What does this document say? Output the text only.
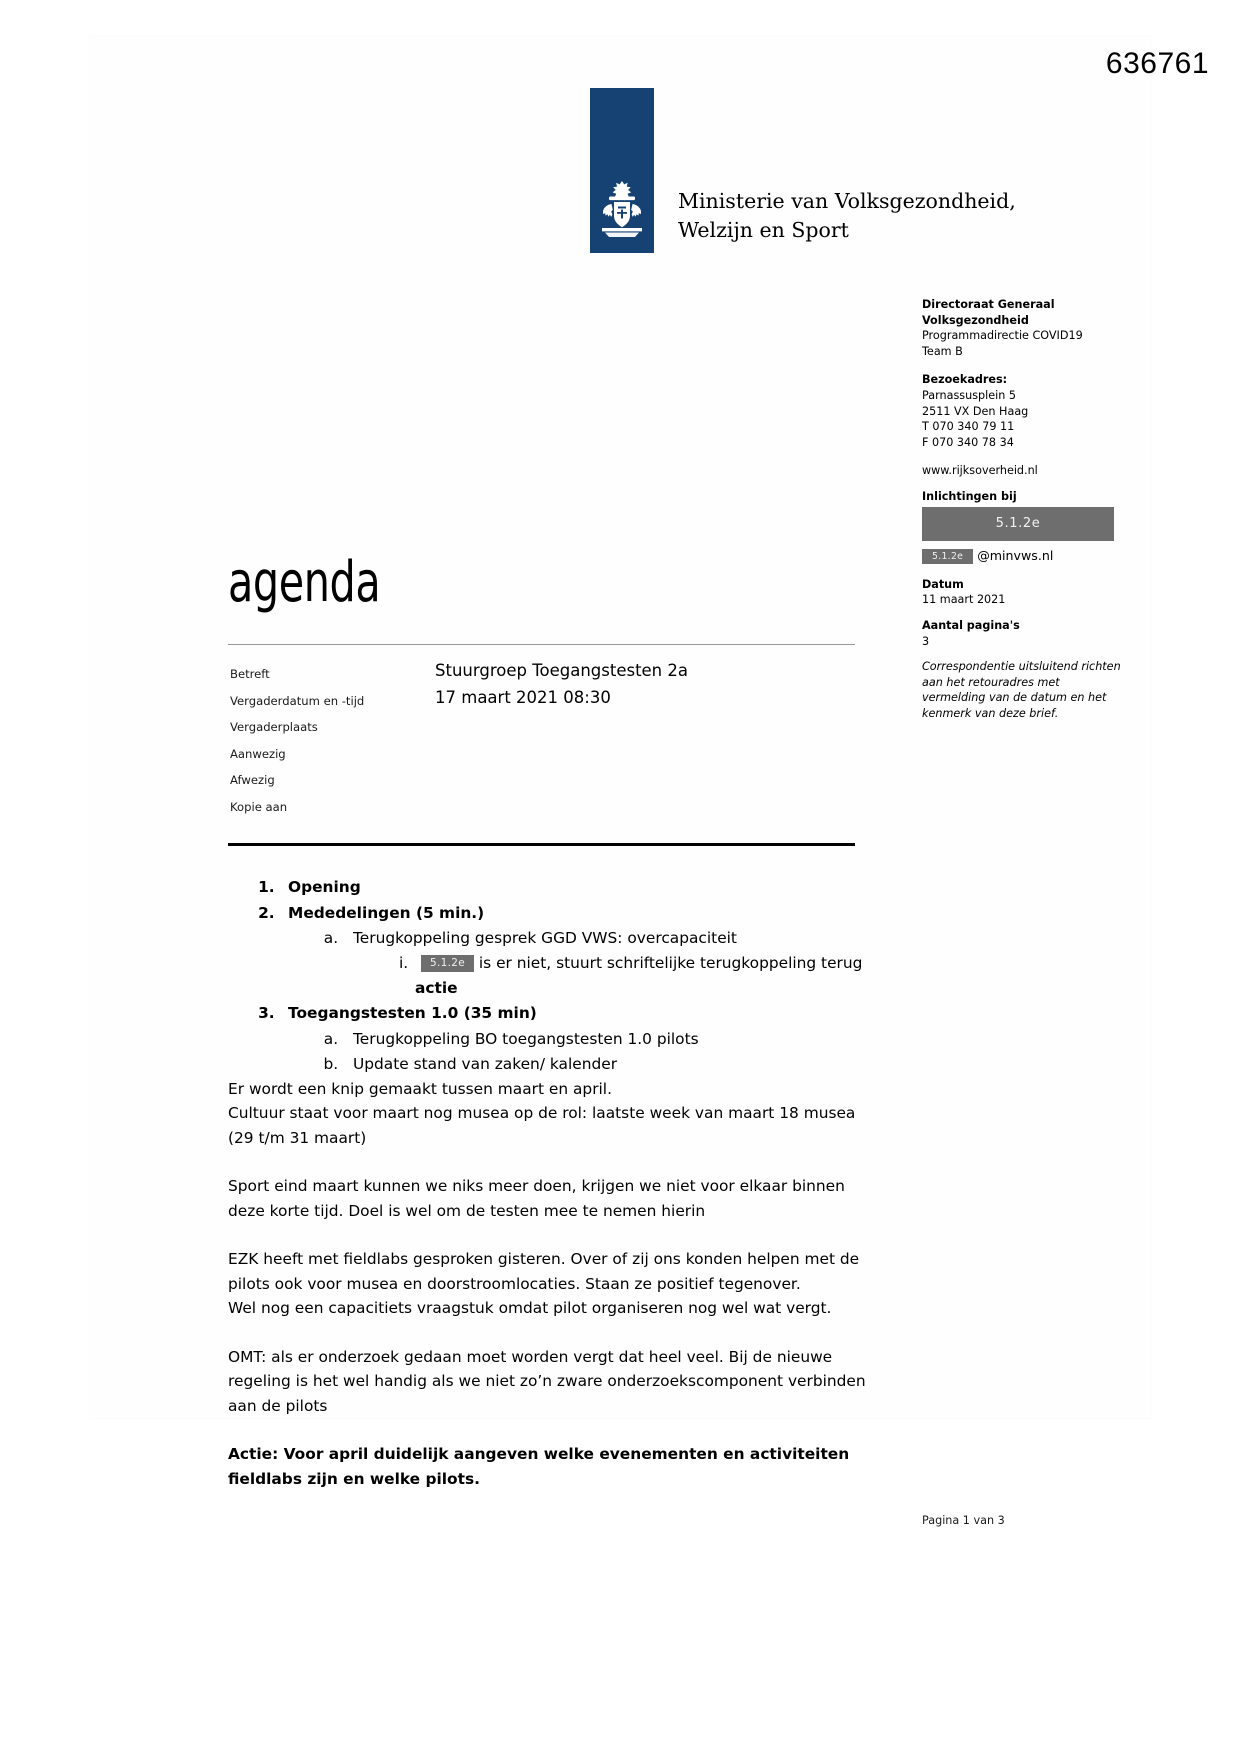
636761
Ministerie van Volksgezondheid,
Welzijn en Sport
Directoraat Generaal
Volksgezondheid
Programmadirectie COVID19
Team B
Bezoekadres:
Parnassusplein 5
2511 VX Den Haag
T 070 340 79 11
F 070 340 78 34
www.rijksoverheid.nl
Inlichtingen bij
5.1.2e
5.1.2e @minvws.nl
Datum
11 maart 2021
Aantal pagina's
3
Correspondentie uitsluitend richten aan het retouradres met vermelding van de datum en het kenmerk van deze brief.
agenda
Betreft	Stuurgroep Toegangstesten 2a
Vergaderdatum en -tijd	17 maart 2021 08:30
Vergaderplaats
Aanwezig
Afwezig
Kopie aan
1. Opening
2. Mededelingen (5 min.)
a. Terugkoppeling gesprek GGD VWS: overcapaciteit
i. 5.1.2e is er niet, stuurt schriftelijke terugkoppeling terug
actie
3. Toegangstesten 1.0 (35 min)
a. Terugkoppeling BO toegangstesten 1.0 pilots
b. Update stand van zaken/ kalender
Er wordt een knip gemaakt tussen maart en april.
Cultuur staat voor maart nog musea op de rol: laatste week van maart 18 musea
(29 t/m 31 maart)
Sport eind maart kunnen we niks meer doen, krijgen we niet voor elkaar binnen
deze korte tijd. Doel is wel om de testen mee te nemen hierin
EZK heeft met fieldlabs gesproken gisteren. Over of zij ons konden helpen met de
pilots ook voor musea en doorstroomlocaties. Staan ze positief tegenover.
Wel nog een capacitiets vraagstuk omdat pilot organiseren nog wel wat vergt.
OMT: als er onderzoek gedaan moet worden vergt dat heel veel. Bij de nieuwe
regeling is het wel handig als we niet zo’n zware onderzoekscomponent verbinden
aan de pilots
Actie: Voor april duidelijk aangeven welke evenementen en activiteiten
fieldlabs zijn en welke pilots.
Pagina 1 van 3
